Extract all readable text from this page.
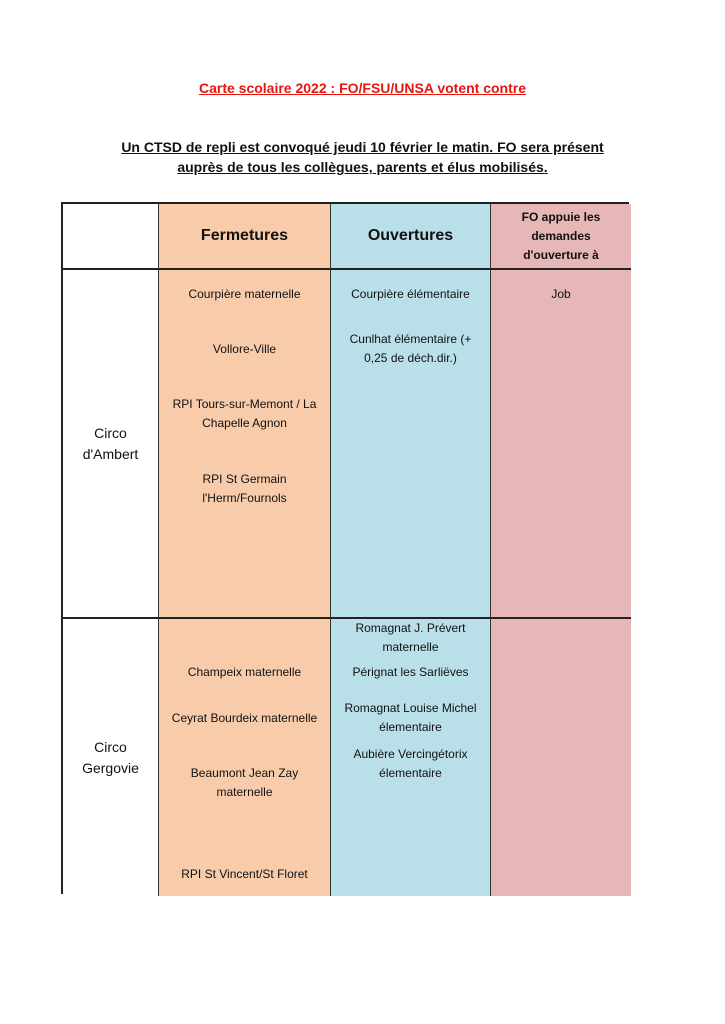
Carte scolaire 2022 : FO/FSU/UNSA votent contre
Un CTSD de repli est convoqué jeudi 10 février le matin. FO sera présent
auprès de tous les collègues, parents et élus mobilisés.
Fermetures	Ouvertures
FO appuie les demandes d'ouverture à
Circo d'Ambert
Courpière maternelle
Vollore-Ville
RPI Tours-sur-Memont / La Chapelle Agnon
RPI St Germain l'Herm/Fournols
Courpière élémentaire
Cunlhat élémentaire (+ 0,25 de déch.dir.)
Job
Circo Gergovie
Champeix maternelle
Ceyrat Bourdeix maternelle
Beaumont Jean Zay maternelle
RPI St Vincent/St Floret
Romagnat J. Prévert maternelle
Pérignat les Sarliëves
Romagnat Louise Michel élementaire
Aubière Vercingétorix élementaire
